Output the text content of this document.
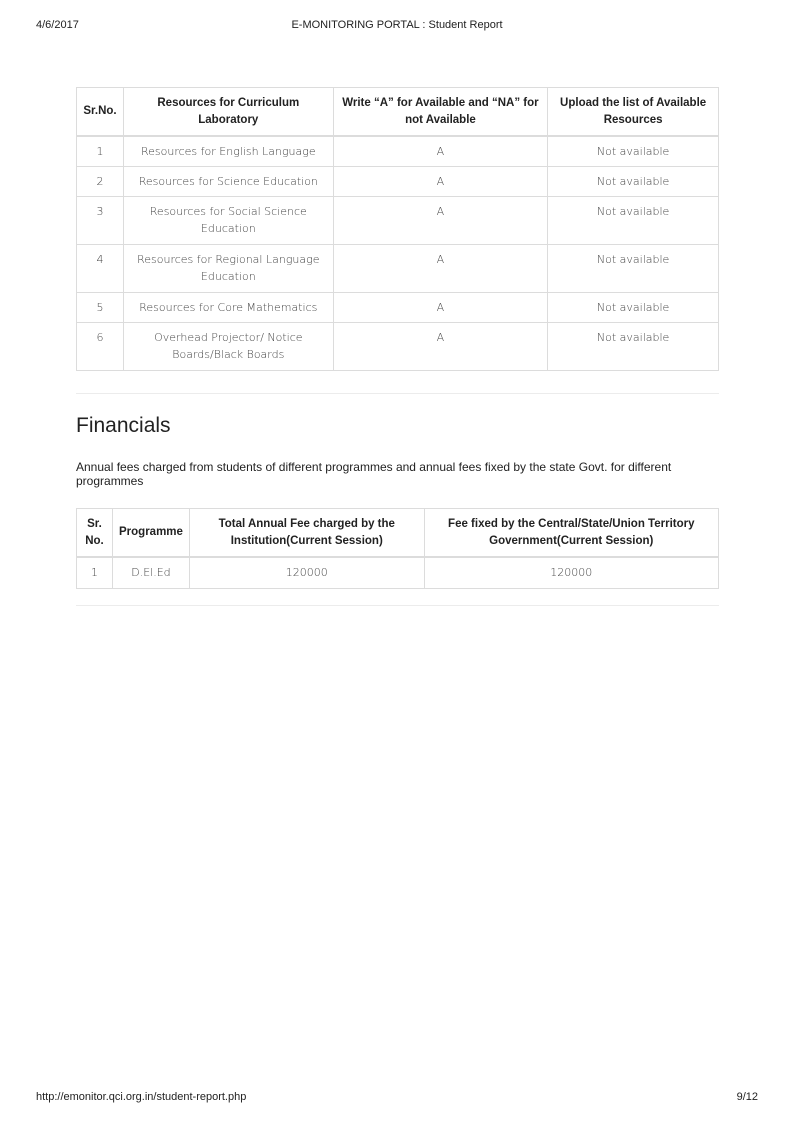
4/6/2017	E-MONITORING PORTAL : Student Report
Sr.No.	Resources for Curriculum Laboratory	Write “A” for Available and “NA” for not Available	Upload the list of Available Resources
1	Resources for English Language	A	Not available
2	Resources for Science Education	A	Not available
3	Resources for Social Science Education	A	Not available
4	Resources for Regional Language Education	A	Not available
5	Resources for Core Mathematics	A	Not available
6	Overhead Projector/ Notice Boards/Black Boards	A	Not available
Financials

Annual fees charged from students of different programmes and annual fees fixed by the state Govt. for different programmes

Sr. No.	Programme	Total Annual Fee charged by the Institution(Current Session)	Fee fixed by the Central/State/Union Territory Government(Current Session)
1	D.El.Ed	120000	120000
http://emonitor.qci.org.in/student-report.php	9/12
